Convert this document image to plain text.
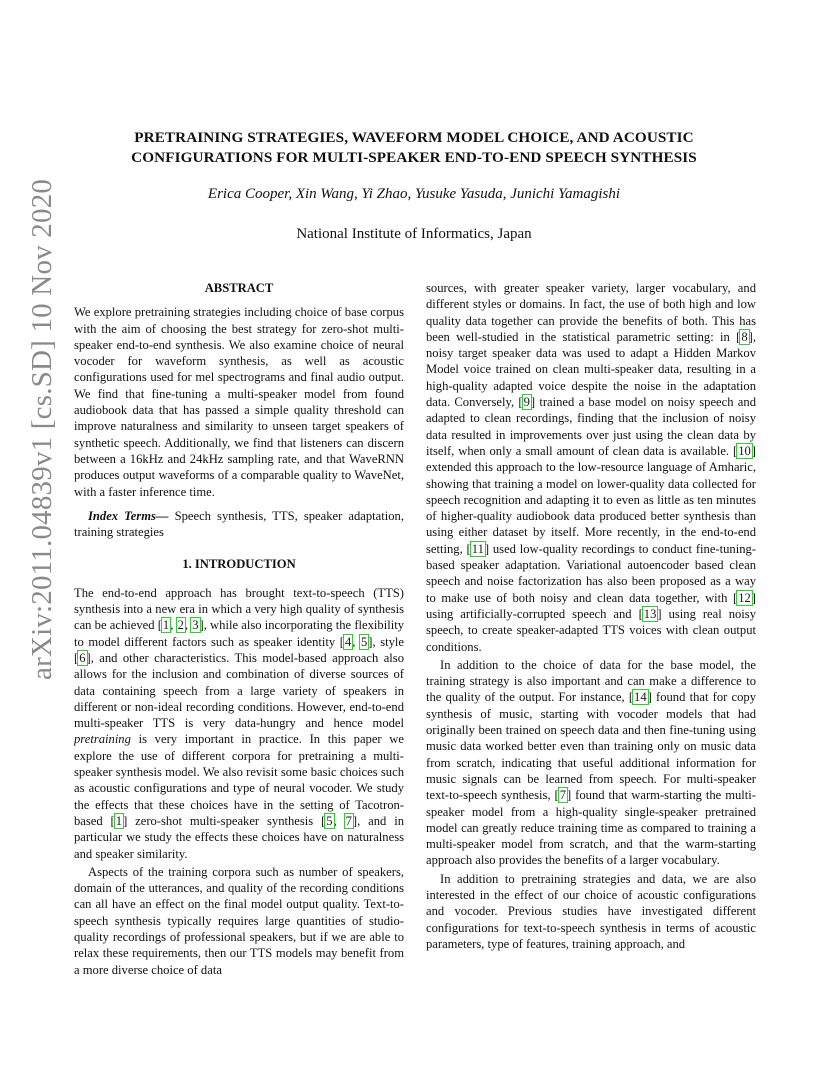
arXiv:2011.04839v1 [cs.SD] 10 Nov 2020
PRETRAINING STRATEGIES, WAVEFORM MODEL CHOICE, AND ACOUSTIC
CONFIGURATIONS FOR MULTI-SPEAKER END-TO-END SPEECH SYNTHESIS
Erica Cooper, Xin Wang, Yi Zhao, Yusuke Yasuda, Junichi Yamagishi
National Institute of Informatics, Japan
ABSTRACT

We explore pretraining strategies including choice of base corpus with the aim of choosing the best strategy for zero-shot multi-speaker end-to-end synthesis. We also examine choice of neural vocoder for waveform synthesis, as well as acoustic configurations used for mel spectrograms and final audio output. We find that fine-tuning a multi-speaker model from found audiobook data that has passed a simple quality threshold can improve naturalness and similarity to unseen target speakers of synthetic speech. Additionally, we find that listeners can discern between a 16kHz and 24kHz sampling rate, and that WaveRNN produces output waveforms of a comparable quality to WaveNet, with a faster inference time.

Index Terms— Speech synthesis, TTS, speaker adaptation, training strategies

1. INTRODUCTION

The end-to-end approach has brought text-to-speech (TTS) synthesis into a new era in which a very high quality of synthesis can be achieved [1, 2, 3], while also incorporating the flexibility to model different factors such as speaker identity [4, 5], style [6], and other characteristics. This model-based approach also allows for the inclusion and combination of diverse sources of data containing speech from a large variety of speakers in different or non-ideal recording conditions. However, end-to-end multi-speaker TTS is very data-hungry and hence model pretraining is very important in practice. In this paper we explore the use of different corpora for pretraining a multi-speaker synthesis model. We also revisit some basic choices such as acoustic configurations and type of neural vocoder. We study the effects that these choices have in the setting of Tacotron-based [1] zero-shot multi-speaker synthesis [5, 7], and in particular we study the effects these choices have on naturalness and speaker similarity.

Aspects of the training corpora such as number of speakers, domain of the utterances, and quality of the recording conditions can all have an effect on the final model output quality. Text-to-speech synthesis typically requires large quantities of studio-quality recordings of professional speakers, but if we are able to relax these requirements, then our TTS models may benefit from a more diverse choice of data

sources, with greater speaker variety, larger vocabulary, and different styles or domains. In fact, the use of both high and low quality data together can provide the benefits of both. This has been well-studied in the statistical parametric setting: in [8], noisy target speaker data was used to adapt a Hidden Markov Model voice trained on clean multi-speaker data, resulting in a high-quality adapted voice despite the noise in the adaptation data. Conversely, [9] trained a base model on noisy speech and adapted to clean recordings, finding that the inclusion of noisy data resulted in improvements over just using the clean data by itself, when only a small amount of clean data is available. [10] extended this approach to the low-resource language of Amharic, showing that training a model on lower-quality data collected for speech recognition and adapting it to even as little as ten minutes of higher-quality audiobook data produced better synthesis than using either dataset by itself. More recently, in the end-to-end setting, [11] used low-quality recordings to conduct fine-tuning-based speaker adaptation. Variational autoencoder based clean speech and noise factorization has also been proposed as a way to make use of both noisy and clean data together, with [12] using artificially-corrupted speech and [13] using real noisy speech, to create speaker-adapted TTS voices with clean output conditions.

In addition to the choice of data for the base model, the training strategy is also important and can make a difference to the quality of the output. For instance, [14] found that for copy synthesis of music, starting with vocoder models that had originally been trained on speech data and then fine-tuning using music data worked better even than training only on music data from scratch, indicating that useful additional information for music signals can be learned from speech. For multi-speaker text-to-speech synthesis, [7] found that warm-starting the multi-speaker model from a high-quality single-speaker pretrained model can greatly reduce training time as compared to training a multi-speaker model from scratch, and that the warm-starting approach also provides the benefits of a larger vocabulary.

In addition to pretraining strategies and data, we are also interested in the effect of our choice of acoustic configurations and vocoder. Previous studies have investigated different configurations for text-to-speech synthesis in terms of acoustic parameters, type of features, training approach, and
